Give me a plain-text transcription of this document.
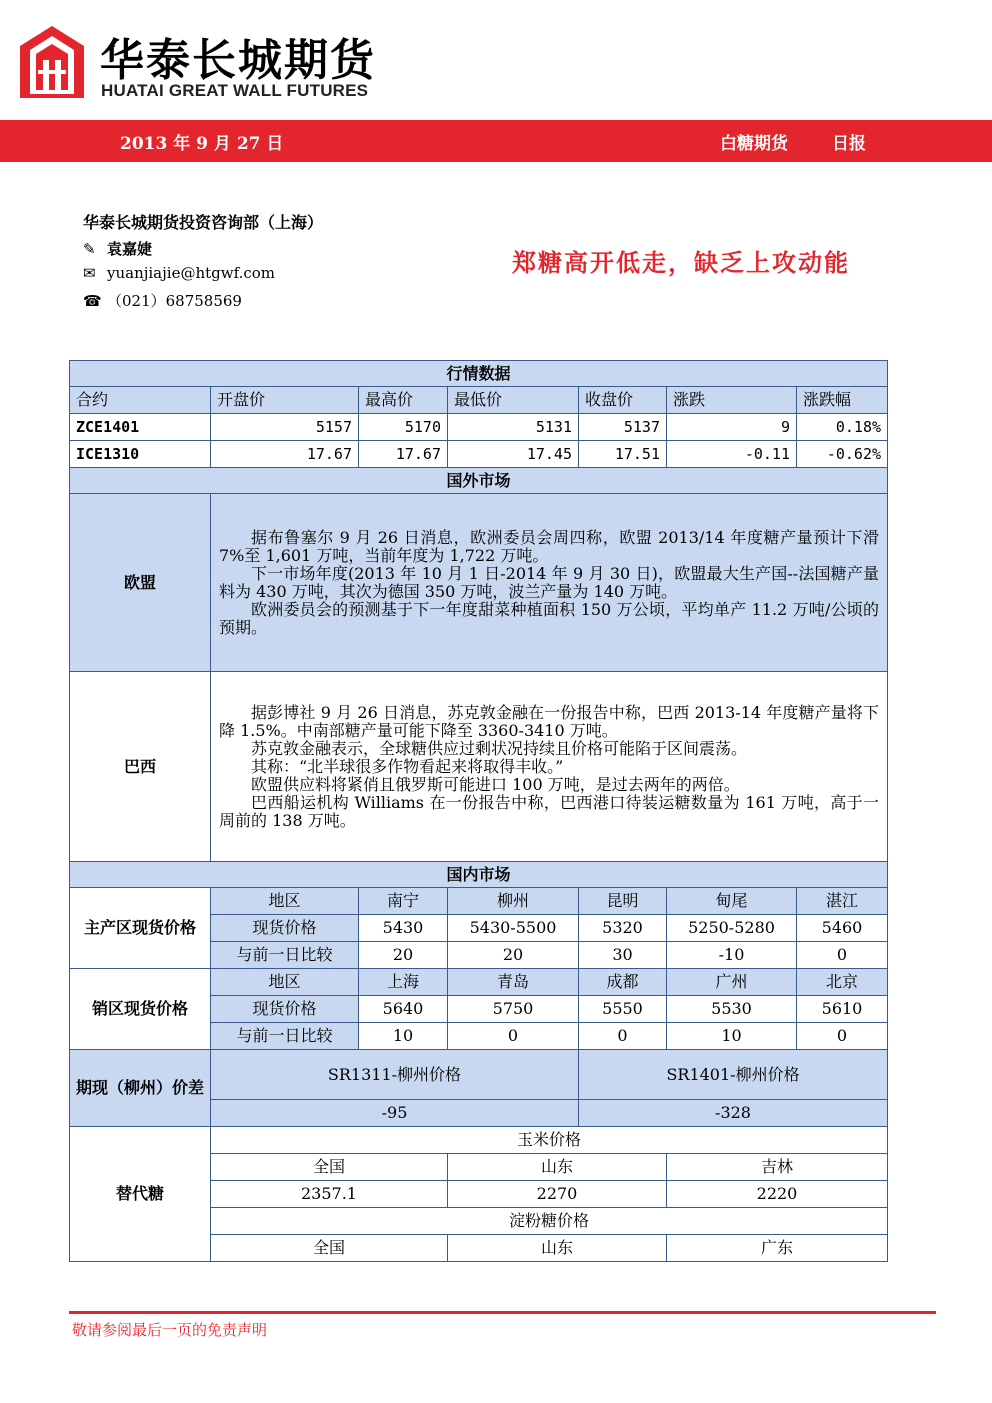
华泰长城期货
HUATAI GREAT WALL FUTURES
2013 年 9 月 27 日	白糖期货	日报
华泰长城期货投资咨询部（上海）
✎ 袁嘉婕
✉ yuanjiajie@htgwf.com
☎ （021）68758569
郑糖高开低走，缺乏上攻动能
行情数据						
合约	开盘价	最高价	最低价	收盘价	涨跌	涨跌幅
ZCE1401	5157	5170	5131	5137	9	0.18%
ICE1310	17.67	17.67	17.45	17.51	-0.11	-0.62%
国外市场						
欧盟	据布鲁塞尔 9 月 26 日消息，欧洲委员会周四称，欧盟 2013/14 年度糖产量预计下滑 7%至 1,601 万吨，当前年度为 1,722 万吨。

下一市场年度(2013 年 10 月 1 日-2014 年 9 月 30 日)，欧盟最大生产国--法国糖产量料为 430 万吨，其次为德国 350 万吨，波兰产量为 140 万吨。

欧洲委员会的预测基于下一年度甜菜种植面积 150 万公顷，平均单产 11.2 万吨/公顷的预期。					

巴西	据彭博社 9 月 26 日消息，苏克敦金融在一份报告中称，巴西 2013-14 年度糖产量将下降 1.5%。中南部糖产量可能下降至 3360-3410 万吨。

苏克敦金融表示，全球糖供应过剩状况持续且价格可能陷于区间震荡。

其称：“北半球很多作物看起来将取得丰收。”

欧盟供应料将紧俏且俄罗斯可能进口 100 万吨，是过去两年的两倍。

巴西船运机构 Williams 在一份报告中称，巴西港口待装运糖数量为 161 万吨，高于一周前的 138 万吨。					

国内市场						
主产区现货价格	地区	南宁	柳州	昆明	甸尾	湛江
	现货价格	5430	5430-5500	5320	5250-5280	5460
	与前一日比较	20	20	30	-10	0
销区现货价格	地区	上海	青岛	成都	广州	北京
	现货价格	5640	5750	5550	5530	5610
	与前一日比较	10	0	0	10	0
期现（柳州）价差	SR1311-柳州价格			SR1401-柳州价格		
	-95			-328		
替代糖	玉米价格					
	全国		山东		吉林	
	2357.1		2270		2220	
	淀粉糖价格					
	全国		山东		广东	
敬请参阅最后一页的免责声明
